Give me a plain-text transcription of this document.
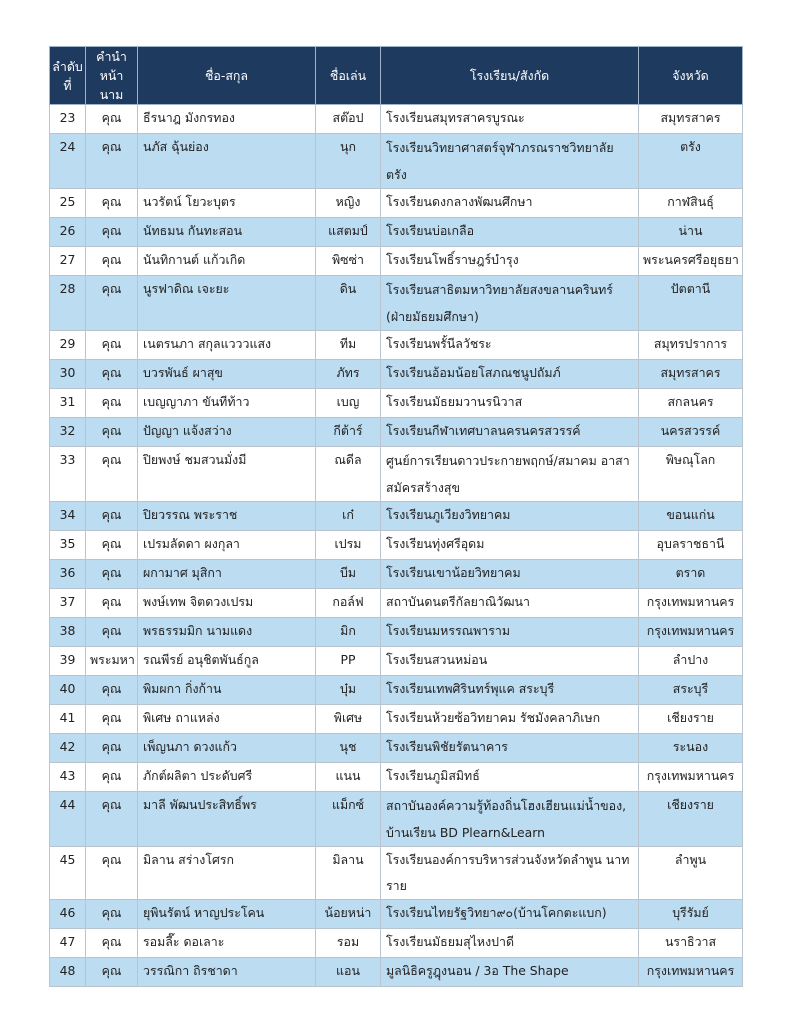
ลำดับที่	คำนำหน้านาม	ชื่อ-สกุล	ชื่อเล่น	โรงเรียน/สังกัด	จังหวัด
23	คุณ	ธีรนาฎ มังกรทอง	สต๊อป	โรงเรียนสมุทรสาครบูรณะ	สมุทรสาคร
24	คุณ	นภัส ฉุ้นย่อง	นุก	โรงเรียนวิทยาศาสตร์จุฬาภรณราชวิทยาลัย ตรัง	ตรัง
25	คุณ	นวรัตน์ โยวะบุตร	หญิง	โรงเรียนดงกลางพัฒนศึกษา	กาฬสินธุ์
26	คุณ	นัทธมน กันทะสอน	แสตมป์	โรงเรียนบ่อเกลือ	น่าน
27	คุณ	นันทิกานต์ แก้วเกิด	พิซซ่า	โรงเรียนโพธิ์ราษฎร์บำรุง	พระนครศรีอยุธยา
28	คุณ	นูรฟาดิณ เจะยะ	ดิน	โรงเรียนสาธิตมหาวิทยาลัยสงขลานครินทร์ (ฝ่ายมัธยมศึกษา)	ปัตตานี
29	คุณ	เนตรนภา สกุลแวววแสง	ทีม	โรงเรียนพรั้นีลวัชระ	สมุทรปราการ
30	คุณ	บวรพันธ์ ผาสุข	ภัทร	โรงเรียนอ้อมน้อยโสภณชนูปถัมภ์	สมุทรสาคร
31	คุณ	เบญญาภา ขันทีท้าว	เบญ	โรงเรียนมัธยมวานรนิวาส	สกลนคร
32	คุณ	ปัญญา แจ้งสว่าง	กีต้าร์	โรงเรียนกีฬาเทศบาลนครนครสวรรค์	นครสวรรค์
33	คุณ	ปิยพงษ์ ชมสวนมั่งมี	ณดีล	ศูนย์การเรียนดาวประกายพฤกษ์/สมาคม อาสาสมัครสร้างสุข	พิษณุโลก
34	คุณ	ปิยวรรณ พระราช	เก๋	โรงเรียนภูเวียงวิทยาคม	ขอนแก่น
35	คุณ	เปรมลัดดา ผงกุลา	เปรม	โรงเรียนทุ่งศรีอุดม	อุบลราชธานี
36	คุณ	ผกามาศ มุสิกา	บีม	โรงเรียนเขาน้อยวิทยาคม	ตราด
37	คุณ	พงษ์เทพ จิตดวงเปรม	กอล์ฟ	สถาบันดนตรีกัลยาณิวัฒนา	กรุงเทพมหานคร
38	คุณ	พรธรรมมิก นามแดง	มิก	โรงเรียนมหรรณพาราม	กรุงเทพมหานคร
39	พระมหา	รณพีรย์ อนุชิตพันธ์กูล	PP	โรงเรียนสวนหม่อน	ลำปาง
40	คุณ	พิมผกา กิ่งก้าน	บุ๋ม	โรงเรียนเทพศิรินทร์พุแค สระบุรี	สระบุรี
41	คุณ	พิเศษ ถาแหล่ง	พิเศษ	โรงเรียนห้วยซ้อวิทยาคม รัชมังคลาภิเษก	เชียงราย
42	คุณ	เพ็ญนภา ดวงแก้ว	นุช	โรงเรียนพิชัยรัตนาคาร	ระนอง
43	คุณ	ภักต์ผลิตา ประดับศรี	แนน	โรงเรียนภูมิสมิทธ์	กรุงเทพมหานคร
44	คุณ	มาลี พัฒนประสิทธิ์พร	แม็กซ์	สถาบันองค์ความรู้ท้องถิ่นโฮงเฮียนแม่น้ำของ, บ้านเรียน BD Plearn&Learn	เชียงราย
45	คุณ	มิลาน สร่างโศรก	มิลาน	โรงเรียนองค์การบริหารส่วนจังหวัดลำพูน นาทราย	ลำพูน
46	คุณ	ยุพินรัตน์ หาญประโคน	น้อยหน่า	โรงเรียนไทยรัฐวิทยา๙๐(บ้านโคกตะแบก)	บุรีรัมย์
47	คุณ	รอมลี๊ะ ดอเลาะ	รอม	โรงเรียนมัธยมสุไหงปาดี	นราธิวาส
48	คุณ	วรรณิกา ถิรชาดา	แอน	มูลนิธิครูฎุงนอน / 3อ The Shape	กรุงเทพมหานคร
